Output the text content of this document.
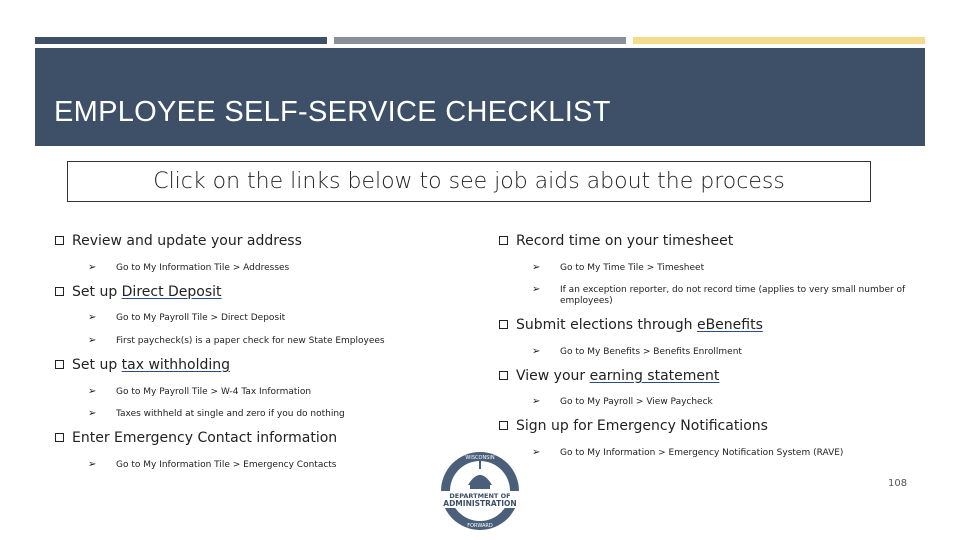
EMPLOYEE SELF-SERVICE CHECKLIST
Click on the links below to see job aids about the process
Review and update your address
➢ Go to My Information Tile > Addresses
Set up Direct Deposit
➢ Go to My Payroll Tile > Direct Deposit
➢ First paycheck(s) is a paper check for new State Employees
Set up tax withholding
➢ Go to My Payroll Tile > W-4 Tax Information
➢ Taxes withheld at single and zero if you do nothing
Enter Emergency Contact information
➢ Go to My Information Tile > Emergency Contacts
Record time on your timesheet
➢ Go to My Time Tile > Timesheet
➢ If an exception reporter, do not record time (applies to very small number of employees)
Submit elections through eBenefits
➢ Go to My Benefits > Benefits Enrollment
View your earning statement
➢ Go to My Payroll > View Paycheck
Sign up for Emergency Notifications
➢ Go to My Information > Emergency Notification System (RAVE)
WISCONSIN
DEPARTMENT OF
ADMINISTRATION
FORWARD
108
